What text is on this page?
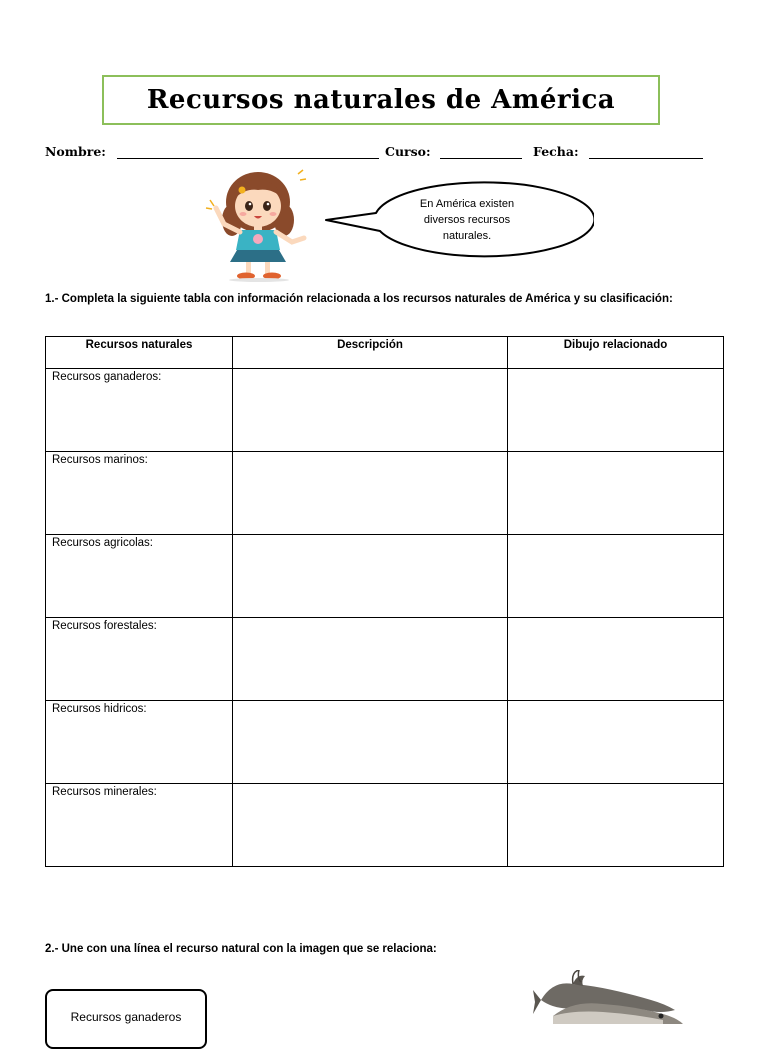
Recursos naturales de América
Nombre:	Curso:	Fecha:
En América existen diversos recursos naturales.
1.- Completa la siguiente tabla con información relacionada a los recursos naturales de América y su clasificación:
Recursos naturales	Descripción	Dibujo relacionado

Recursos ganaderos:		

Recursos marinos:		

Recursos agricolas:		

Recursos forestales:		

Recursos hidricos:		

Recursos minerales:		

2.- Une con una línea el recurso natural con la imagen que se relaciona:
Recursos ganaderos
